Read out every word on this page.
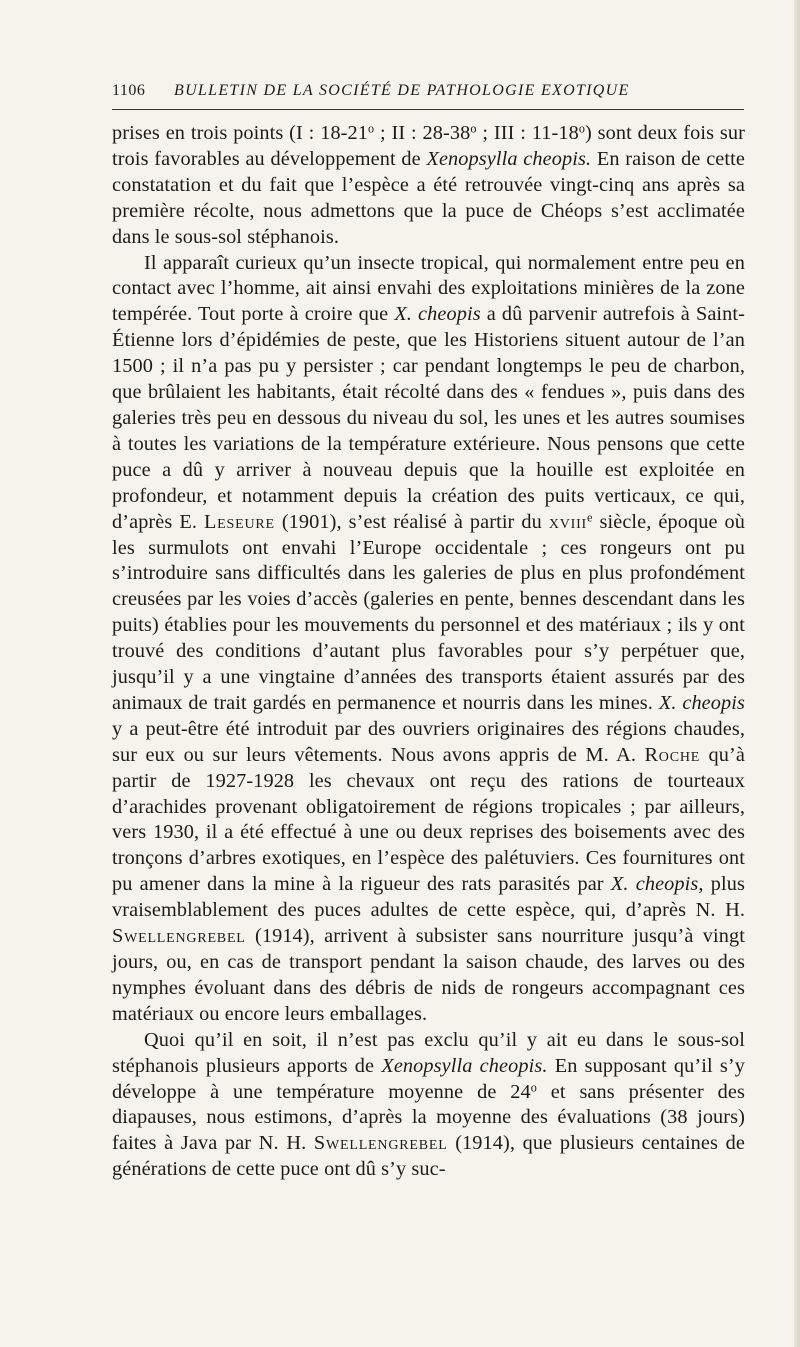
1106 BULLETIN DE LA SOCIÉTÉ DE PATHOLOGIE EXOTIQUE

prises en trois points (I : 18-21$^o$ ; II : 28-38$^o$ ; III : 11-18$^o$) sont deux fois sur trois favorables au développement de Xenopsylla cheopis. En raison de cette constatation et du fait que l’espèce a été retrouvée vingt-cinq ans après sa première récolte, nous admettons que la puce de Chéops s’est acclimatée dans le sous-sol stéphanois.

Il apparaît curieux qu’un insecte tropical, qui normalement entre peu en contact avec l’homme, ait ainsi envahi des exploitations minières de la zone tempérée. Tout porte à croire que X. cheopis a dû parvenir autrefois à Saint-Étienne lors d’épidémies de peste, que les Historiens situent autour de l’an 1500 ; il n’a pas pu y persister ; car pendant longtemps le peu de charbon, que brûlaient les habitants, était récolté dans des « fendues », puis dans des galeries très peu en dessous du niveau du sol, les unes et les autres soumises à toutes les variations de la température extérieure. Nous pensons que cette puce a dû y arriver à nouveau depuis que la houille est exploitée en profondeur, et notamment depuis la création des puits verticaux, ce qui, d’après E. Leseure (1901), s’est réalisé à partir du xviii$^e$ siècle, époque où les surmulots ont envahi l’Europe occidentale ; ces rongeurs ont pu s’introduire sans difficultés dans les galeries de plus en plus profondément creusées par les voies d’accès (galeries en pente, bennes descendant dans les puits) établies pour les mouvements du personnel et des matériaux ; ils y ont trouvé des conditions d’autant plus favorables pour s’y perpétuer que, jusqu’il y a une vingtaine d’années des transports étaient assurés par des animaux de trait gardés en permanence et nourris dans les mines. X. cheopis y a peut-être été introduit par des ouvriers originaires des régions chaudes, sur eux ou sur leurs vêtements. Nous avons appris de M. A. Roche qu’à partir de 1927-1928 les chevaux ont reçu des rations de tourteaux d’arachides provenant obligatoirement de régions tropicales ; par ailleurs, vers 1930, il a été effectué à une ou deux reprises des boisements avec des tronçons d’arbres exotiques, en l’espèce des palétuviers. Ces fournitures ont pu amener dans la mine à la rigueur des rats parasités par X. cheopis, plus vraisemblablement des puces adultes de cette espèce, qui, d’après N. H. Swellengrebel (1914), arrivent à subsister sans nourriture jusqu’à vingt jours, ou, en cas de transport pendant la saison chaude, des larves ou des nymphes évoluant dans des débris de nids de rongeurs accompagnant ces matériaux ou encore leurs emballages.

Quoi qu’il en soit, il n’est pas exclu qu’il y ait eu dans le sous-sol stéphanois plusieurs apports de Xenopsylla cheopis. En supposant qu’il s’y développe à une température moyenne de 24$^o$ et sans présenter des diapauses, nous estimons, d’après la moyenne des évaluations (38 jours) faites à Java par N. H. Swellengrebel (1914), que plusieurs centaines de générations de cette puce ont dû s’y suc-
